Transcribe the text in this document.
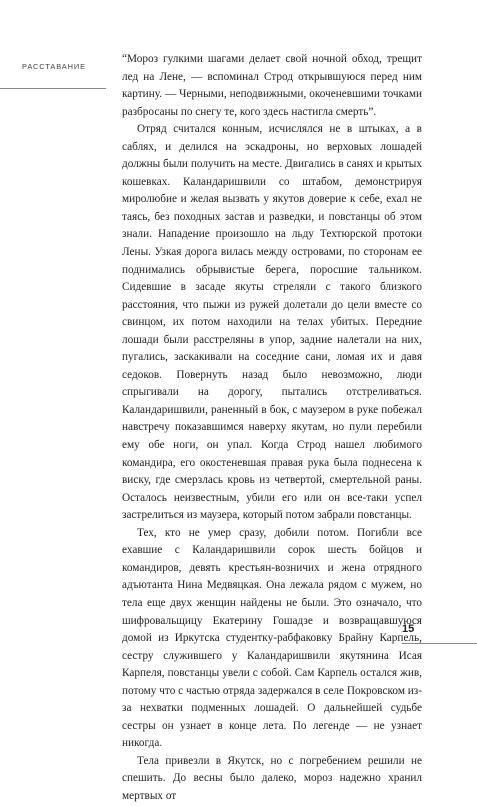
РАССТАВАНИЕ

“Мороз гулкими шагами делает свой ночной обход, трещит лед на Лене, — вспоминал Строд открывшуюся перед ним картину. — Черными, неподвижными, окоченевшими точками разбросаны по снегу те, кого здесь настигла смерть”.

Отряд считался конным, исчислялся не в штыках, а в саблях, и делился на эскадроны, но верховых лошадей должны были получить на месте. Двигались в санях и крытых кошевках. Каландаришвили со штабом, демонстрируя миролюбие и желая вызвать у якутов доверие к себе, ехал не таясь, без походных застав и разведки, и повстанцы об этом знали. Нападение произошло на льду Техтюрской протоки Лены. Узкая дорога вилась между островами, по сторонам ее поднимались обрывистые берега, поросшие тальником. Сидевшие в засаде якуты стреляли с такого близкого расстояния, что пыжи из ружей долетали до цели вместе со свинцом, их потом находили на телах убитых. Передние лошади были расстреляны в упор, задние налетали на них, пугались, заскакивали на соседние сани, ломая их и давя седоков. Повернуть назад было невозможно, люди спрыгивали на дорогу, пытались отстреливаться. Каландаришвили, раненный в бок, с маузером в руке побежал навстречу показавшимся наверху якутам, но пули перебили ему обе ноги, он упал. Когда Строд нашел любимого командира, его окостеневшая правая рука была поднесена к виску, где смерзлась кровь из четвертой, смертельной раны. Осталось неизвестным, убили его или он все-таки успел застрелиться из маузера, который потом забрали повстанцы.

Тех, кто не умер сразу, добили потом. Погибли все ехавшие с Каландаришвили сорок шесть бойцов и командиров, девять крестьян-возничих и жена отрядного адъютанта Нина Медвяцкая. Она лежала рядом с мужем, но тела еще двух женщин найдены не были. Это означало, что шифровальщицу Екатерину Гошадзе и возвращавшуюся домой из Иркутска студентку-рабфаковку Брайну Карпель, сестру служившего у Каландаришвили якутянина Исая Карпеля, повстанцы увели с собой. Сам Карпель остался жив, потому что с частью отряда задержался в селе Покровском из-за нехватки подменных лошадей. О дальнейшей судьбе сестры он узнает в конце лета. По легенде — не узнает никогда.

Тела привезли в Якутск, но с погребением решили не спешить. До весны было далеко, мороз надежно хранил мертвых от

15
